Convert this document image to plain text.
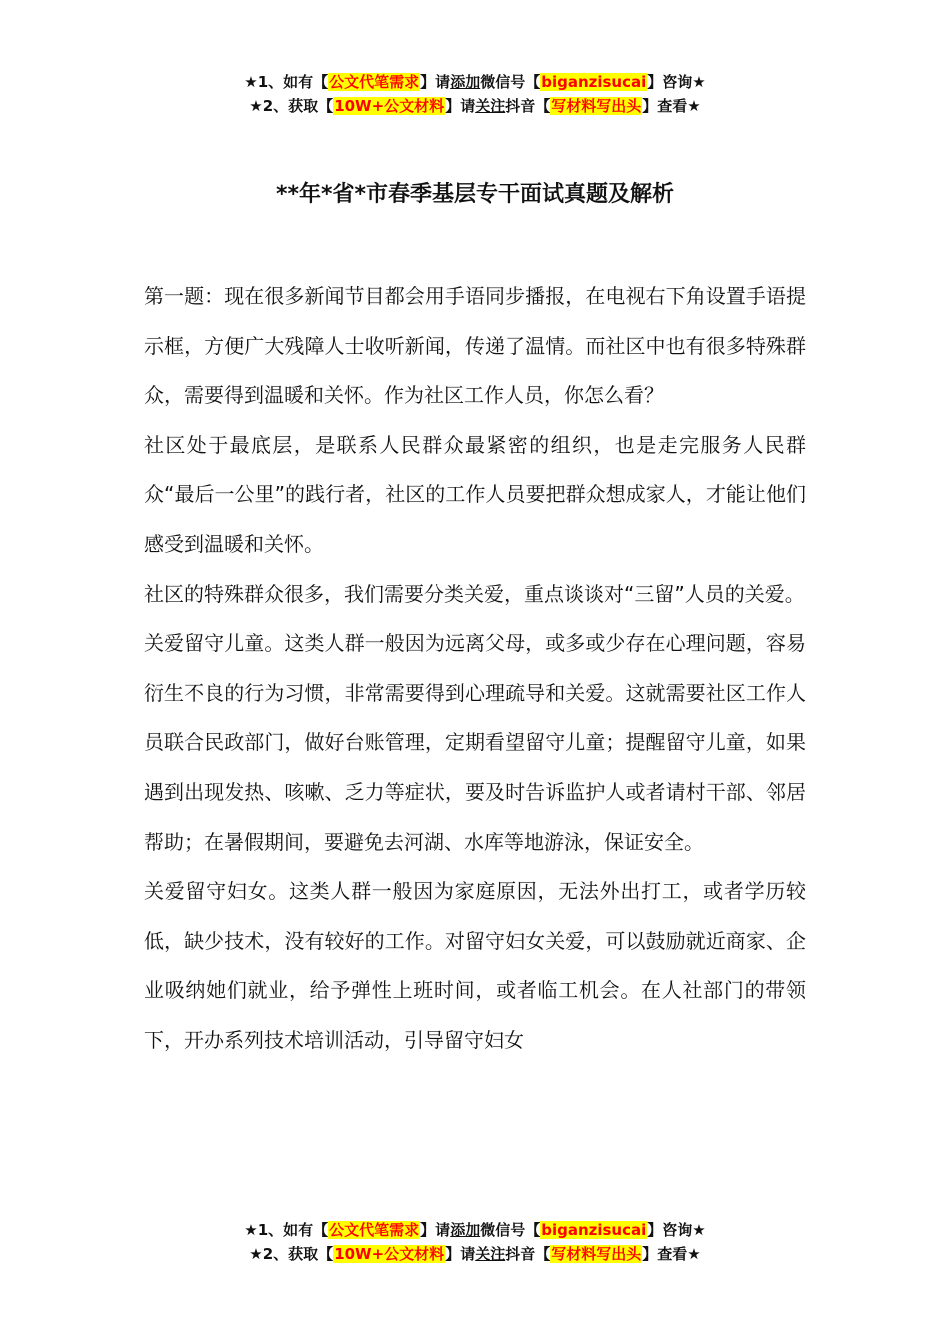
★1、如有【公文代笔需求】请添加微信号【biganzisucai】咨询★
★2、获取【10W+公文材料】请关注抖音【写材料写出头】查看★
**年*省*市春季基层专干面试真题及解析

第一题：现在很多新闻节目都会用手语同步播报，在电视右下角设置手语提示框，方便广大残障人士收听新闻，传递了温情。而社区中也有很多特殊群众，需要得到温暖和关怀。作为社区工作人员，你怎么看？

社区处于最底层，是联系人民群众最紧密的组织，也是走完服务人民群众“最后一公里”的践行者，社区的工作人员要把群众想成家人，才能让他们感受到温暖和关怀。

社区的特殊群众很多，我们需要分类关爱，重点谈谈对“三留”人员的关爱。

关爱留守儿童。这类人群一般因为远离父母，或多或少存在心理问题，容易衍生不良的行为习惯，非常需要得到心理疏导和关爱。这就需要社区工作人员联合民政部门，做好台账管理，定期看望留守儿童；提醒留守儿童，如果遇到出现发热、咳嗽、乏力等症状，要及时告诉监护人或者请村干部、邻居帮助；在暑假期间，要避免去河湖、水库等地游泳，保证安全。

关爱留守妇女。这类人群一般因为家庭原因，无法外出打工，或者学历较低，缺少技术，没有较好的工作。对留守妇女关爱，可以鼓励就近商家、企业吸纳她们就业，给予弹性上班时间，或者临工机会。在人社部门的带领下，开办系列技术培训活动，引导留守妇女

★1、如有【公文代笔需求】请添加微信号【biganzisucai】咨询★
★2、获取【10W+公文材料】请关注抖音【写材料写出头】查看★
